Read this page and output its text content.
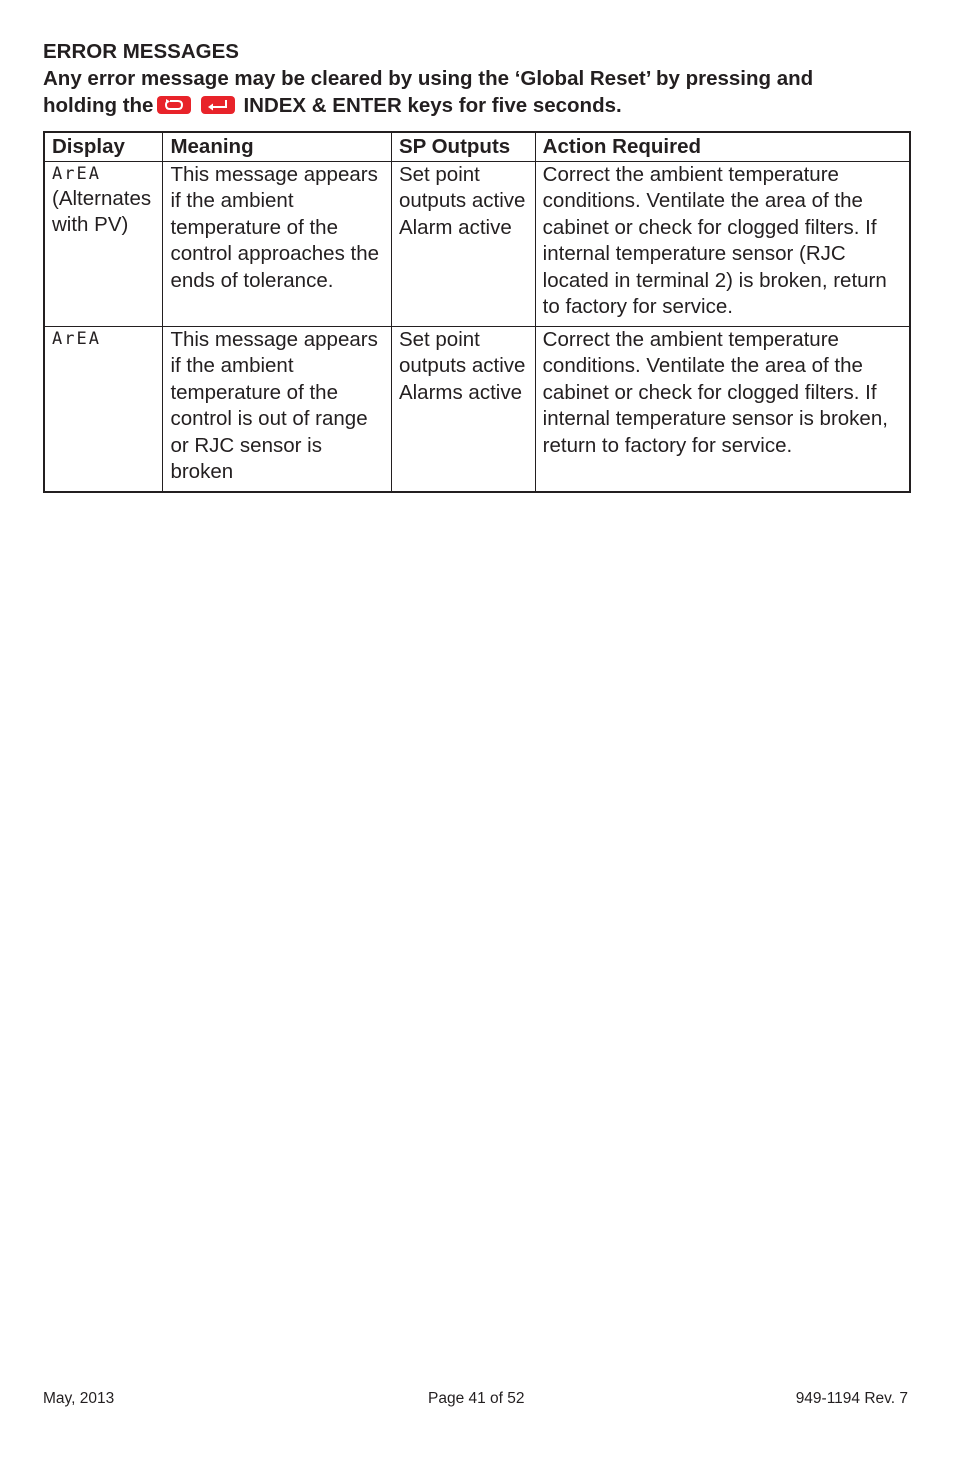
ERROR MESSAGES
Any error message may be cleared by using the ‘Global Reset’ by pressing and
holding the	INDEX & ENTER keys for five seconds.
Display	Meaning	SP Outputs	Action Required

ArEA
(Alternates with PV)	This message appears if the ambient temperature of the control approaches the ends of tolerance.	Set point outputs active Alarm active	Correct the ambient temperature conditions. Ventilate the area of the cabinet or check for clogged filters. If internal temperature sensor (RJC located in terminal 2) is broken, return to factory for service.

ArEA	This message appears if the ambient temperature of the control is out of range or RJC sensor is broken	Set point outputs active Alarms active	Correct the ambient temperature conditions. Ventilate the area of the cabinet or check for clogged filters. If internal temperature sensor is broken, return to factory for service.
May, 2013	Page 41 of 52	949-1194 Rev. 7
